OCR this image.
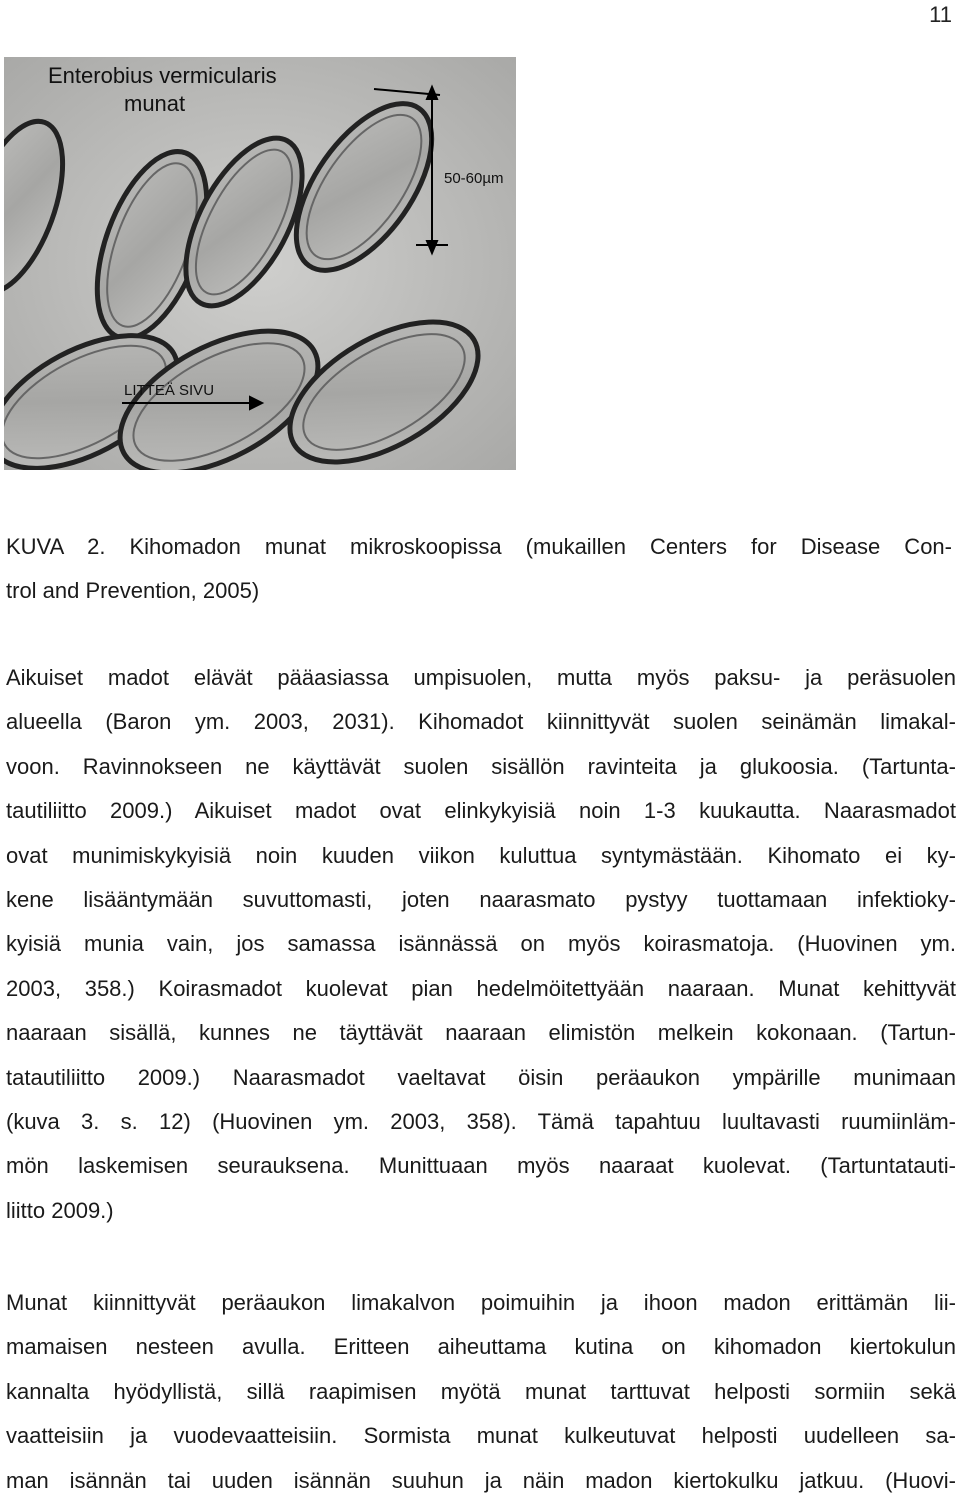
11
Enterobius vermicularis
munat
50-60µm
LITTEÄ SIVU

KUVA 2. Kihomadon munat mikroskoopissa (mukaillen Centers for Disease Con-
trol and Prevention, 2005)

Aikuiset madot elävät pääasiassa umpisuolen, mutta myös paksu- ja peräsuolen
alueella (Baron ym. 2003, 2031). Kihomadot kiinnittyvät suolen seinämän limakal-
voon. Ravinnokseen ne käyttävät suolen sisällön ravinteita ja glukoosia. (Tartunta-
tautiliitto 2009.) Aikuiset madot ovat elinkykyisiä noin 1-3 kuukautta. Naarasmadot
ovat munimiskykyisiä noin kuuden viikon kuluttua syntymästään. Kihomato ei ky-
kene lisääntymään suvuttomasti, joten naarasmato pystyy tuottamaan infektioky-
kyisiä munia vain, jos samassa isännässä on myös koirasmatoja. (Huovinen ym.
2003, 358.) Koirasmadot kuolevat pian hedelmöitettyään naaraan. Munat kehittyvät
naaraan sisällä, kunnes ne täyttävät naaraan elimistön melkein kokonaan. (Tartun-
tatautiliitto 2009.) Naarasmadot vaeltavat öisin peräaukon ympärille munimaan
(kuva 3. s. 12) (Huovinen ym. 2003, 358). Tämä tapahtuu luultavasti ruumiinläm-
mön laskemisen seurauksena. Munittuaan myös naaraat kuolevat. (Tartuntatauti-
liitto 2009.)

Munat kiinnittyvät peräaukon limakalvon poimuihin ja ihoon madon erittämän lii-
mamaisen nesteen avulla. Eritteen aiheuttama kutina on kihomadon kiertokulun
kannalta hyödyllistä, sillä raapimisen myötä munat tarttuvat helposti sormiin sekä
vaatteisiin ja vuodevaatteisiin. Sormista munat kulkeutuvat helposti uudelleen sa-
man isännän tai uuden isännän suuhun ja näin madon kiertokulku jatkuu. (Huovi-
